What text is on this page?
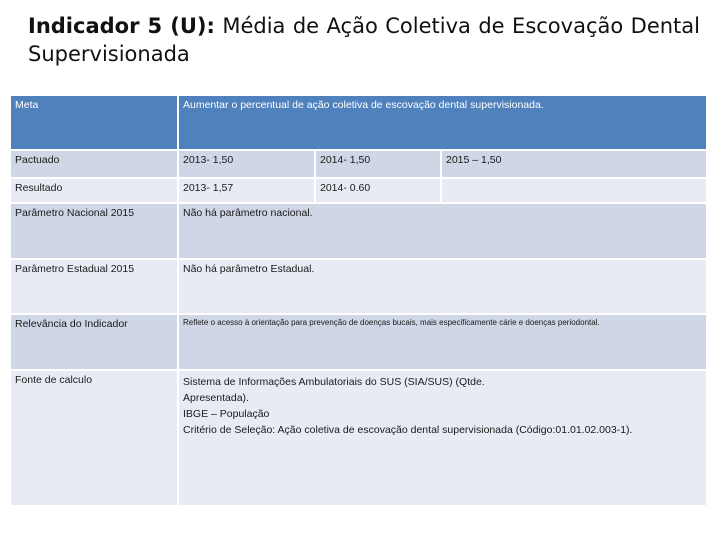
Indicador 5 (U): Média de Ação Coletiva de Escovação Dental Supervisionada
Meta	Aumentar o percentual de ação coletiva de escovação dental supervisionada.		
Pactuado	2013- 1,50	2014- 1,50	2015 – 1,50
Resultado	2013- 1,57	2014- 0.60	
Parâmetro Nacional 2015	Não há parâmetro nacional.		
Parâmetro Estadual 2015	Não há parâmetro Estadual.		
Relevância do Indicador	Reflete o acesso à orientação para prevenção de doenças bucais, mais especificamente cárie e doenças periodontal.		
Fonte de calculo	Sistema de Informações Ambulatoriais do SUS (SIA/SUS) (Qtde.
Apresentada).
IBGE – População
Critério de Seleção: Ação coletiva de escovação dental supervisionada (Código:01.01.02.003-1).		
